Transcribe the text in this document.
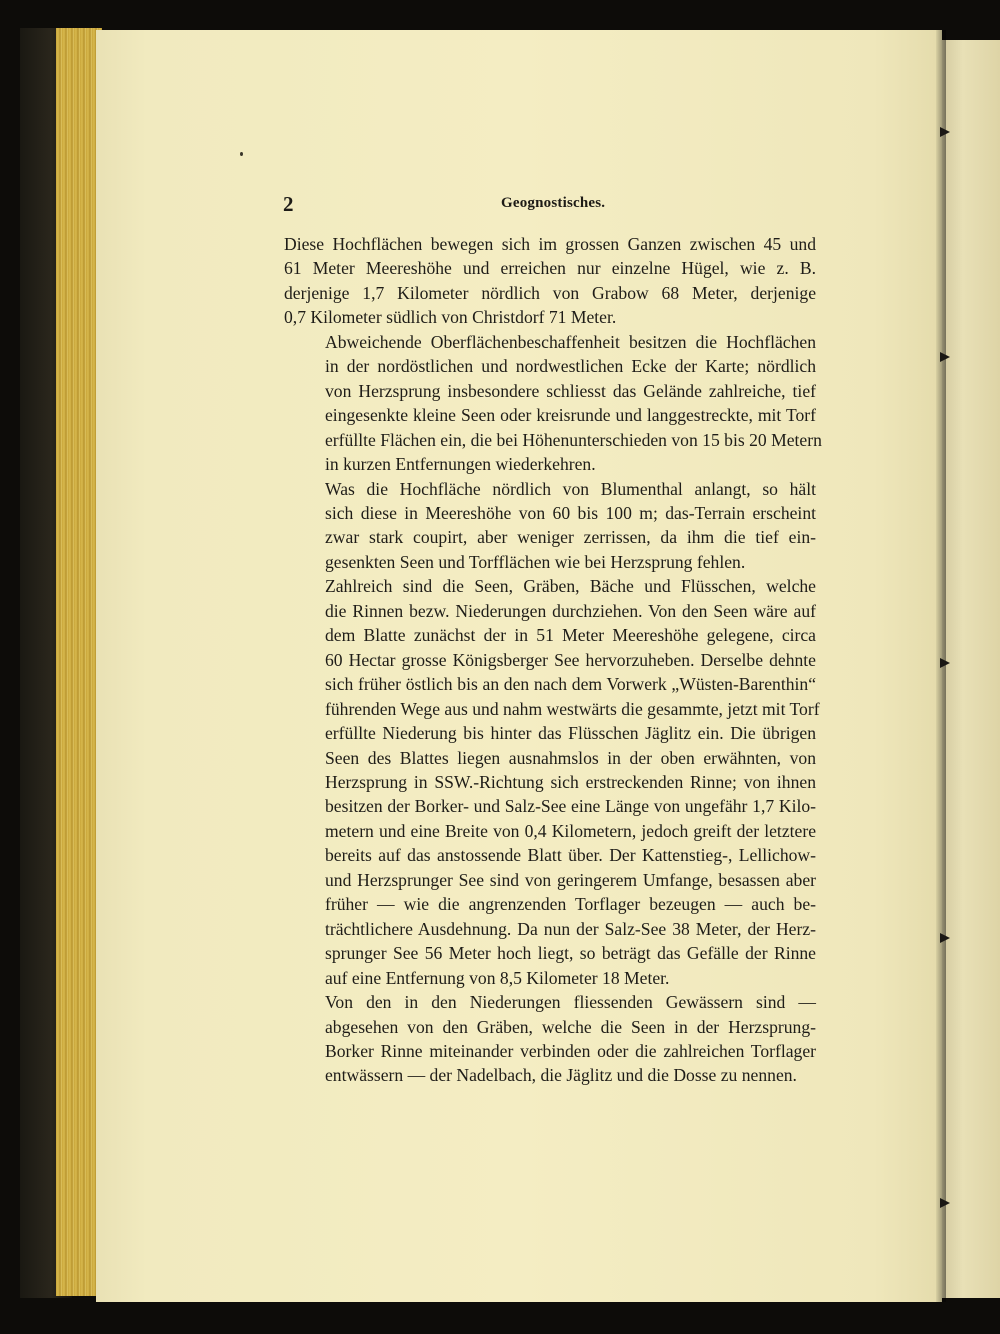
2	Geognostisches.

Diese Hochflächen bewegen sich im grossen Ganzen zwischen 45 und
61 Meter Meereshöhe und erreichen nur einzelne Hügel, wie z. B.
derjenige 1,7 Kilometer nördlich von Grabow 68 Meter, derjenige
0,7 Kilometer südlich von Christdorf 71 Meter.

Abweichende Oberflächenbeschaffenheit besitzen die Hochflächen
in der nordöstlichen und nordwestlichen Ecke der Karte; nördlich
von Herzsprung insbesondere schliesst das Gelände zahlreiche, tief
eingesenkte kleine Seen oder kreisrunde und langgestreckte, mit Torf
erfüllte Flächen ein, die bei Höhenunterschieden von 15 bis 20 Metern
in kurzen Entfernungen wiederkehren.

Was die Hochfläche nördlich von Blumenthal anlangt, so hält
sich diese in Meereshöhe von 60 bis 100 m; das-Terrain erscheint
zwar stark coupirt, aber weniger zerrissen, da ihm die tief ein-
gesenkten Seen und Torfflächen wie bei Herzsprung fehlen.

Zahlreich sind die Seen, Gräben, Bäche und Flüsschen, welche
die Rinnen bezw. Niederungen durchziehen. Von den Seen wäre auf
dem Blatte zunächst der in 51 Meter Meereshöhe gelegene, circa
60 Hectar grosse Königsberger See hervorzuheben. Derselbe dehnte
sich früher östlich bis an den nach dem Vorwerk „Wüsten-Barenthin“
führenden Wege aus und nahm westwärts die gesammte, jetzt mit Torf
erfüllte Niederung bis hinter das Flüsschen Jäglitz ein. Die übrigen
Seen des Blattes liegen ausnahmslos in der oben erwähnten, von
Herzsprung in SSW.-Richtung sich erstreckenden Rinne; von ihnen
besitzen der Borker- und Salz-See eine Länge von ungefähr 1,7 Kilo-
metern und eine Breite von 0,4 Kilometern, jedoch greift der letztere
bereits auf das anstossende Blatt über. Der Kattenstieg-, Lellichow-
und Herzsprunger See sind von geringerem Umfange, besassen aber
früher — wie die angrenzenden Torflager bezeugen — auch be-
trächtlichere Ausdehnung. Da nun der Salz-See 38 Meter, der Herz-
sprunger See 56 Meter hoch liegt, so beträgt das Gefälle der Rinne
auf eine Entfernung von 8,5 Kilometer 18 Meter.

Von den in den Niederungen fliessenden Gewässern sind —
abgesehen von den Gräben, welche die Seen in der Herzsprung-
Borker Rinne miteinander verbinden oder die zahlreichen Torflager
entwässern — der Nadelbach, die Jäglitz und die Dosse zu nennen.
